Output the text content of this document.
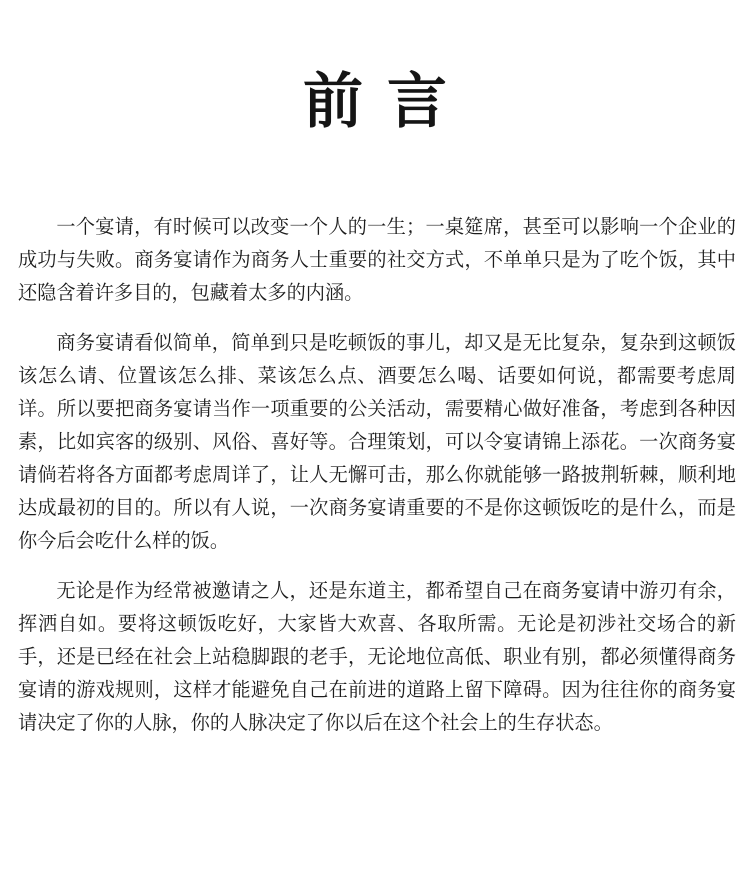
前言

一个宴请，有时候可以改变一个人的一生；一桌筵席，甚至可以影响一个企业的成功与失败。商务宴请作为商务人士重要的社交方式，不单单只是为了吃个饭，其中还隐含着许多目的，包藏着太多的内涵。

商务宴请看似简单，简单到只是吃顿饭的事儿，却又是无比复杂，复杂到这顿饭该怎么请、位置该怎么排、菜该怎么点、酒要怎么喝、话要如何说，都需要考虑周详。所以要把商务宴请当作一项重要的公关活动，需要精心做好准备，考虑到各种因素，比如宾客的级别、风俗、喜好等。合理策划，可以令宴请锦上添花。一次商务宴请倘若将各方面都考虑周详了，让人无懈可击，那么你就能够一路披荆斩棘，顺利地达成最初的目的。所以有人说，一次商务宴请重要的不是你这顿饭吃的是什么，而是你今后会吃什么样的饭。

无论是作为经常被邀请之人，还是东道主，都希望自己在商务宴请中游刃有余，挥洒自如。要将这顿饭吃好，大家皆大欢喜、各取所需。无论是初涉社交场合的新手，还是已经在社会上站稳脚跟的老手，无论地位高低、职业有别，都必须懂得商务宴请的游戏规则，这样才能避免自己在前进的道路上留下障碍。因为往往你的商务宴请决定了你的人脉，你的人脉决定了你以后在这个社会上的生存状态。
